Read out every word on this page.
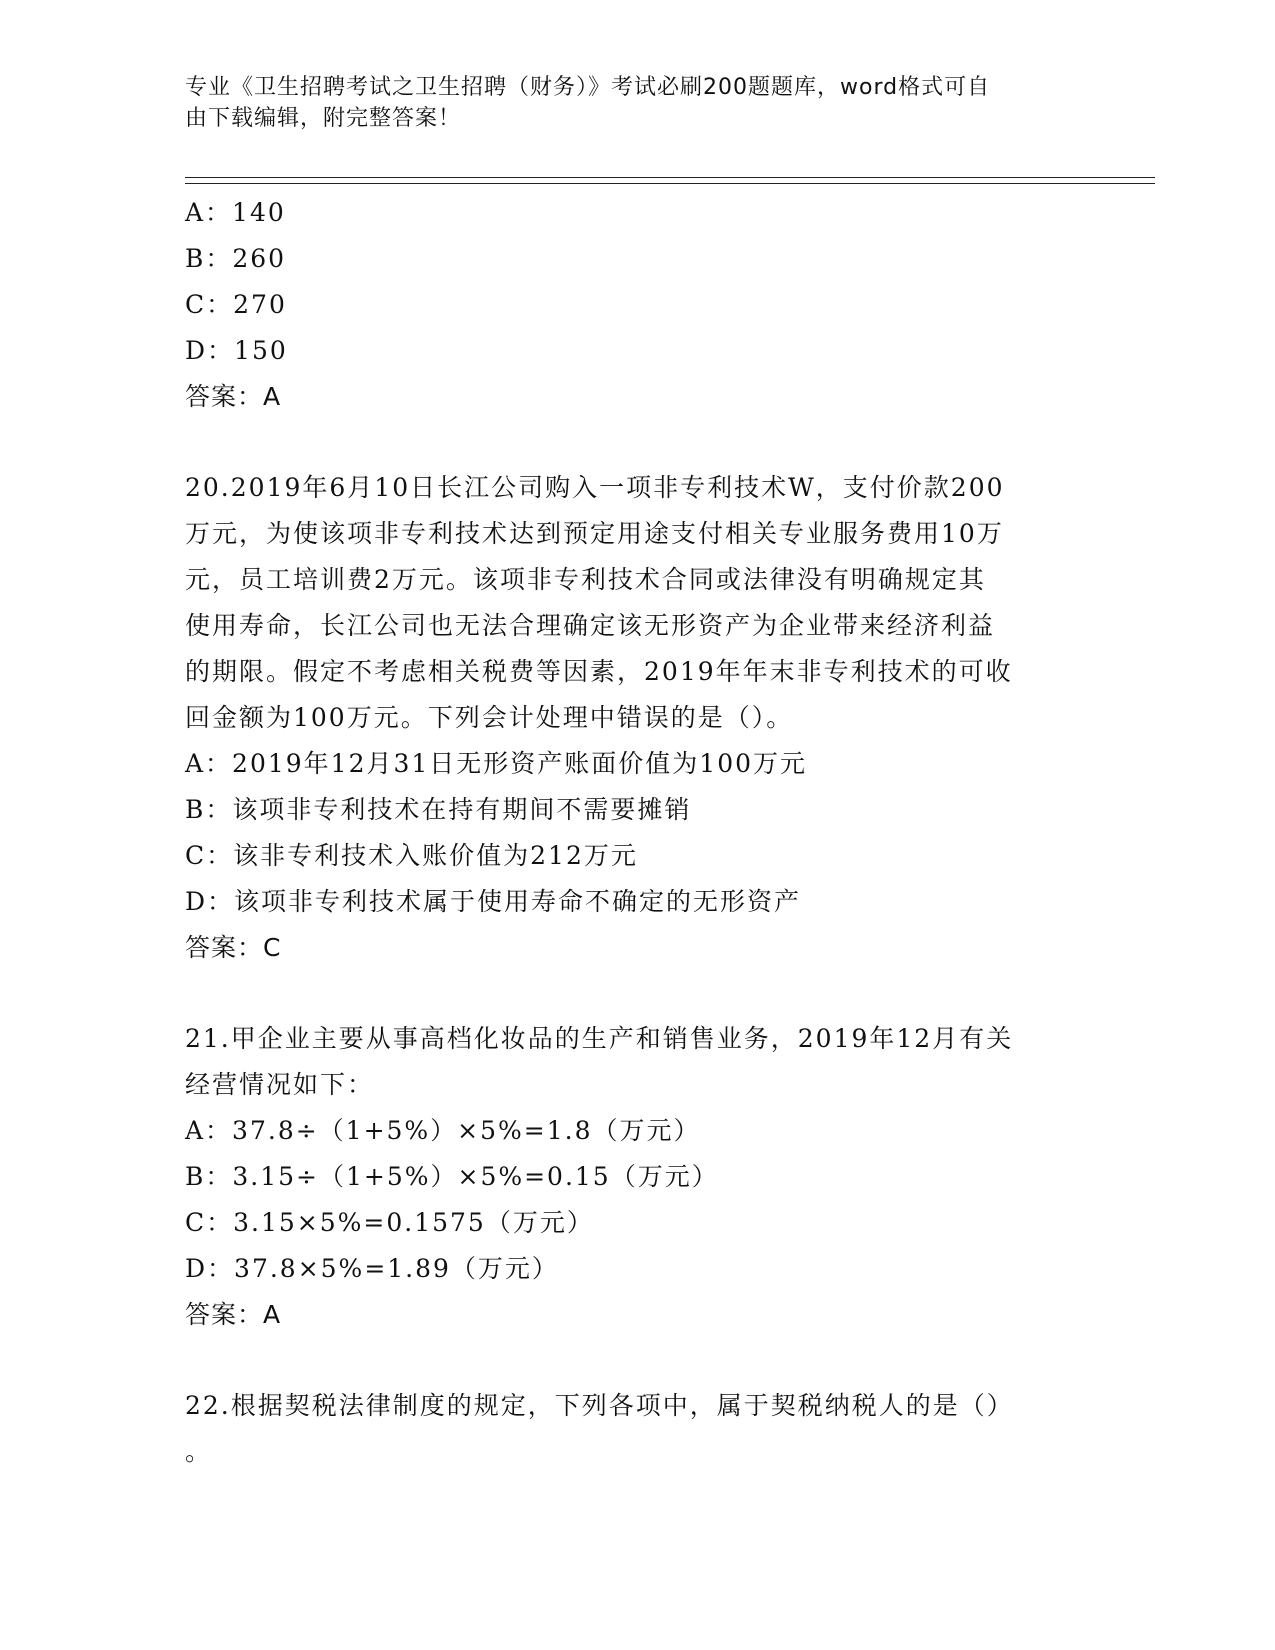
专业《卫生招聘考试之卫生招聘（财务）》考试必刷200题题库，word格式可自
由下载编辑，附完整答案！
A：140
B：260
C：270
D：150
答案：A
20.2019年6月10日长江公司购入一项非专利技术W，支付价款200
万元，为使该项非专利技术达到预定用途支付相关专业服务费用10万
元，员工培训费2万元。该项非专利技术合同或法律没有明确规定其
使用寿命，长江公司也无法合理确定该无形资产为企业带来经济利益
的期限。假定不考虑相关税费等因素，2019年年末非专利技术的可收
回金额为100万元。下列会计处理中错误的是（）。
A：2019年12月31日无形资产账面价值为100万元
B：该项非专利技术在持有期间不需要摊销
C：该非专利技术入账价值为212万元
D：该项非专利技术属于使用寿命不确定的无形资产
答案：C
21.甲企业主要从事高档化妆品的生产和销售业务，2019年12月有关
经营情况如下：
A：37.8÷（1+5%）×5%=1.8（万元）
B：3.15÷（1+5%）×5%=0.15（万元）
C：3.15×5%=0.1575（万元）
D：37.8×5%=1.89（万元）
答案：A
22.根据契税法律制度的规定，下列各项中，属于契税纳税人的是（）
。
